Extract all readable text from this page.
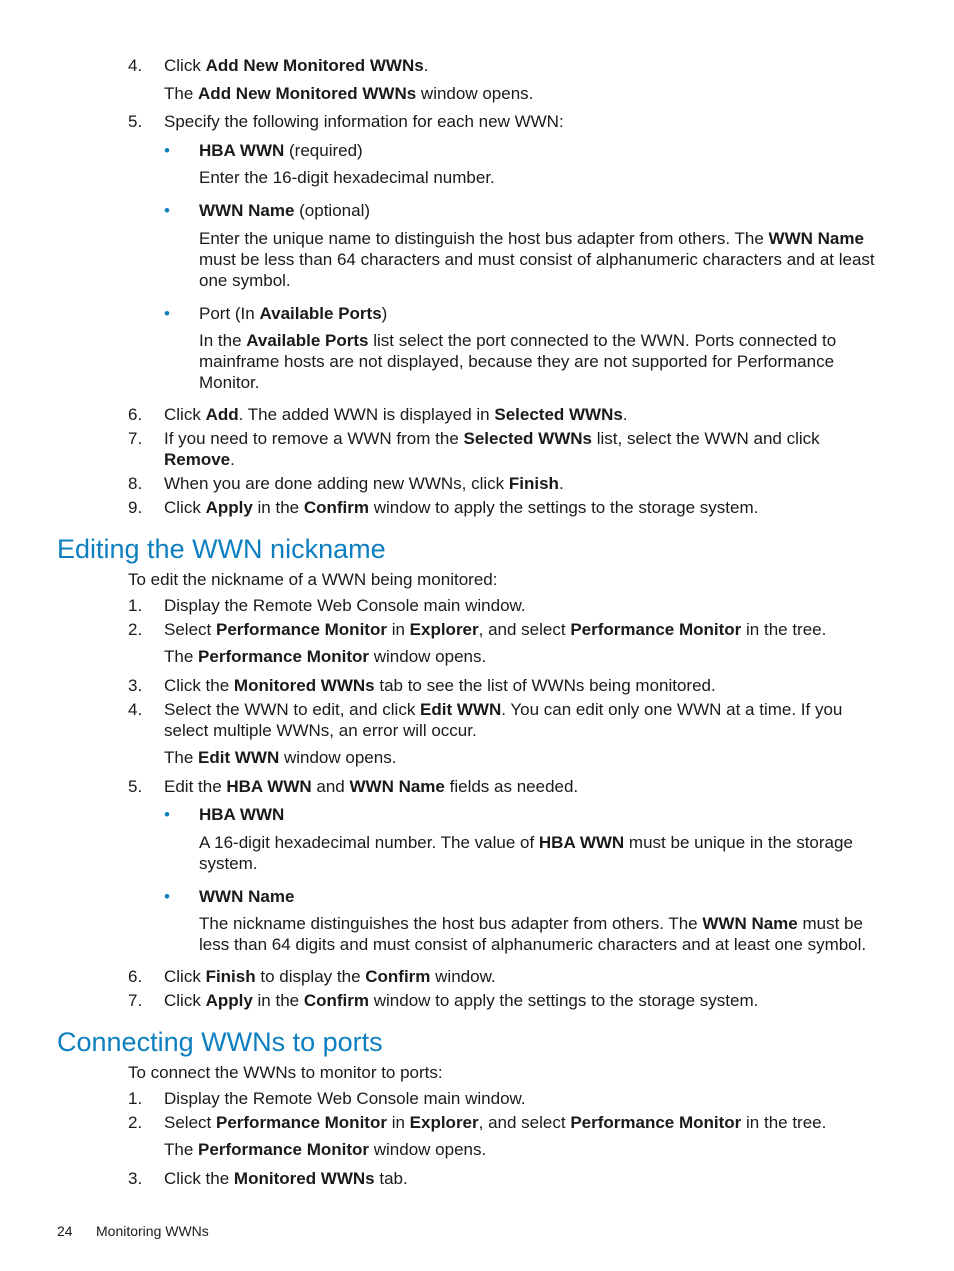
4. Click Add New Monitored WWNs.
The Add New Monitored WWNs window opens.
5. Specify the following information for each new WWN:
• HBA WWN (required)
Enter the 16-digit hexadecimal number.
• WWN Name (optional)
Enter the unique name to distinguish the host bus adapter from others. The WWN Name
must be less than 64 characters and must consist of alphanumeric characters and at least
one symbol.
• Port (In Available Ports)
In the Available Ports list select the port connected to the WWN. Ports connected to
mainframe hosts are not displayed, because they are not supported for Performance
Monitor.
6. Click Add. The added WWN is displayed in Selected WWNs.
7. If you need to remove a WWN from the Selected WWNs list, select the WWN and click
Remove.
8. When you are done adding new WWNs, click Finish.
9. Click Apply in the Confirm window to apply the settings to the storage system.
Editing the WWN nickname
To edit the nickname of a WWN being monitored:
1. Display the Remote Web Console main window.
2. Select Performance Monitor in Explorer, and select Performance Monitor in the tree.
The Performance Monitor window opens.
3. Click the Monitored WWNs tab to see the list of WWNs being monitored.
4. Select the WWN to edit, and click Edit WWN. You can edit only one WWN at a time. If you
select multiple WWNs, an error will occur.
The Edit WWN window opens.
5. Edit the HBA WWN and WWN Name fields as needed.
• HBA WWN
A 16-digit hexadecimal number. The value of HBA WWN must be unique in the storage
system.
• WWN Name
The nickname distinguishes the host bus adapter from others. The WWN Name must be
less than 64 digits and must consist of alphanumeric characters and at least one symbol.
6. Click Finish to display the Confirm window.
7. Click Apply in the Confirm window to apply the settings to the storage system.
Connecting WWNs to ports
To connect the WWNs to monitor to ports:
1. Display the Remote Web Console main window.
2. Select Performance Monitor in Explorer, and select Performance Monitor in the tree.
The Performance Monitor window opens.
3. Click the Monitored WWNs tab.
24 Monitoring WWNs
